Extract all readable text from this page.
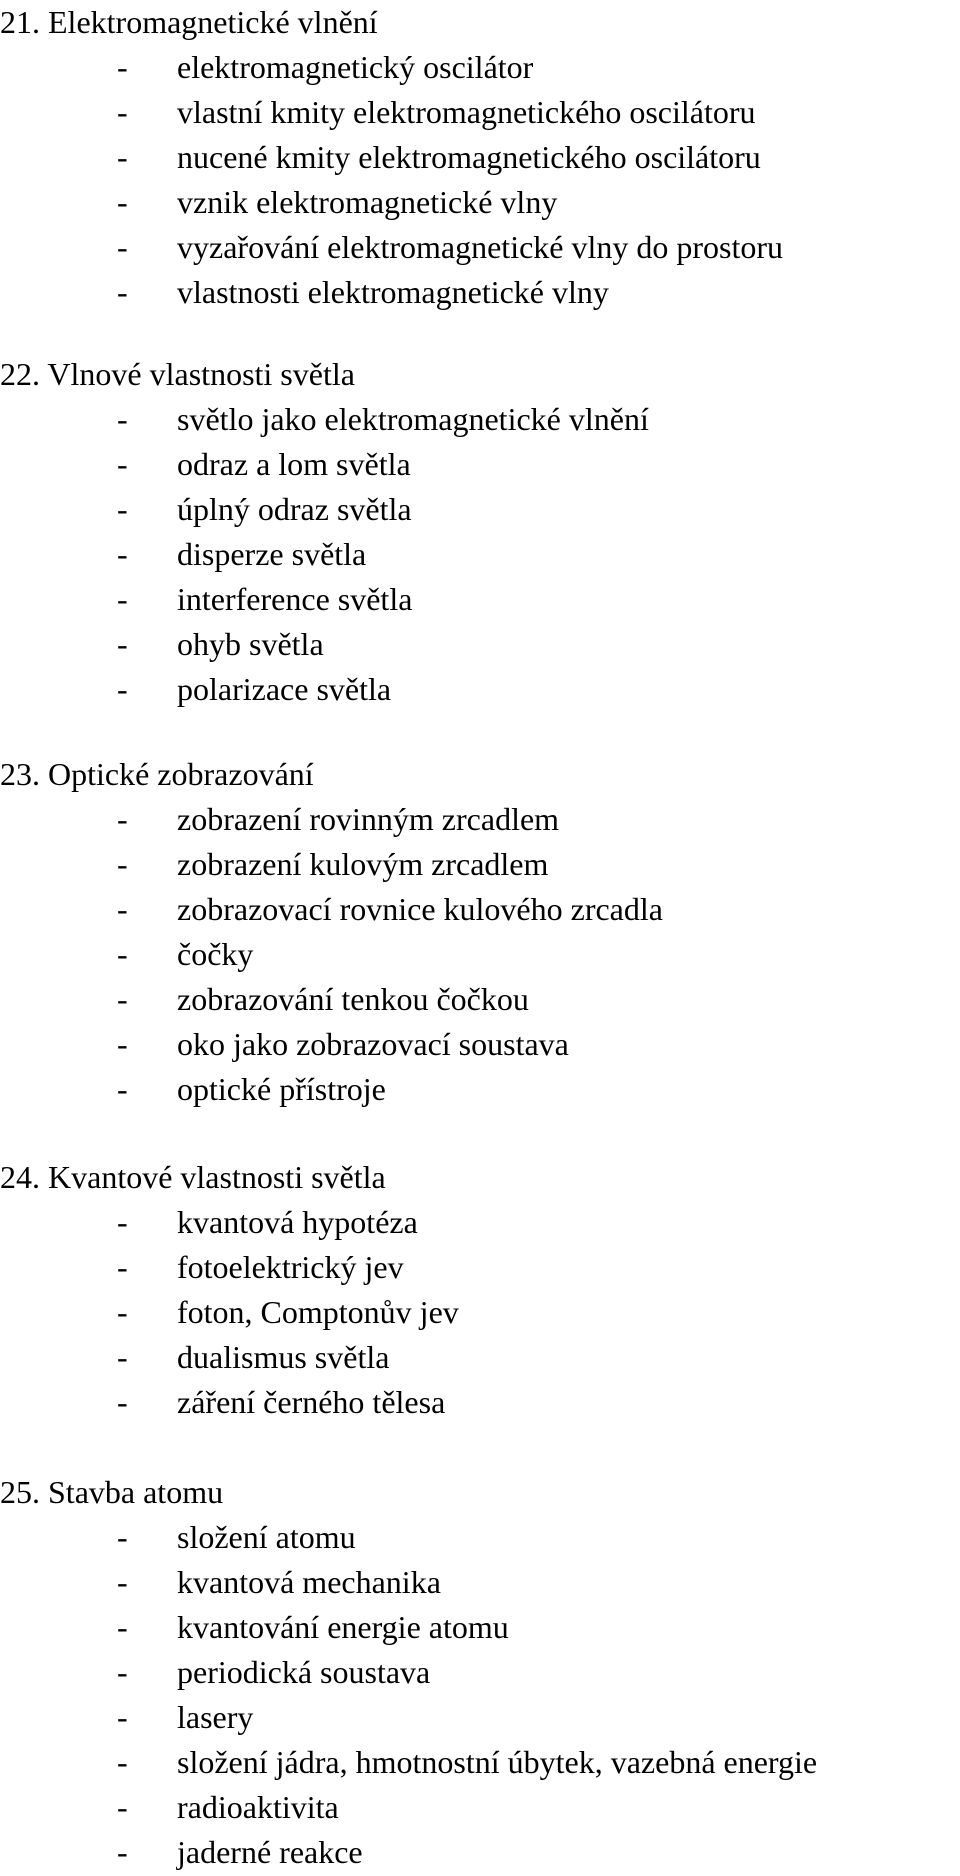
21. Elektromagnetické vlnění
- elektromagnetický oscilátor
- vlastní kmity elektromagnetického oscilátoru
- nucené kmity elektromagnetického oscilátoru
- vznik elektromagnetické vlny
- vyzařování elektromagnetické vlny do prostoru
- vlastnosti elektromagnetické vlny
22. Vlnové vlastnosti světla
- světlo jako elektromagnetické vlnění
- odraz a lom světla
- úplný odraz světla
- disperze světla
- interference světla
- ohyb světla
- polarizace světla
23. Optické zobrazování
- zobrazení rovinným zrcadlem
- zobrazení kulovým zrcadlem
- zobrazovací rovnice kulového zrcadla
- čočky
- zobrazování tenkou čočkou
- oko jako zobrazovací soustava
- optické přístroje
24. Kvantové vlastnosti světla
- kvantová hypotéza
- fotoelektrický jev
- foton, Comptonův jev
- dualismus světla
- záření černého tělesa
25. Stavba atomu
- složení atomu
- kvantová mechanika
- kvantování energie atomu
- periodická soustava
- lasery
- složení jádra, hmotnostní úbytek, vazebná energie
- radioaktivita
- jaderné reakce
